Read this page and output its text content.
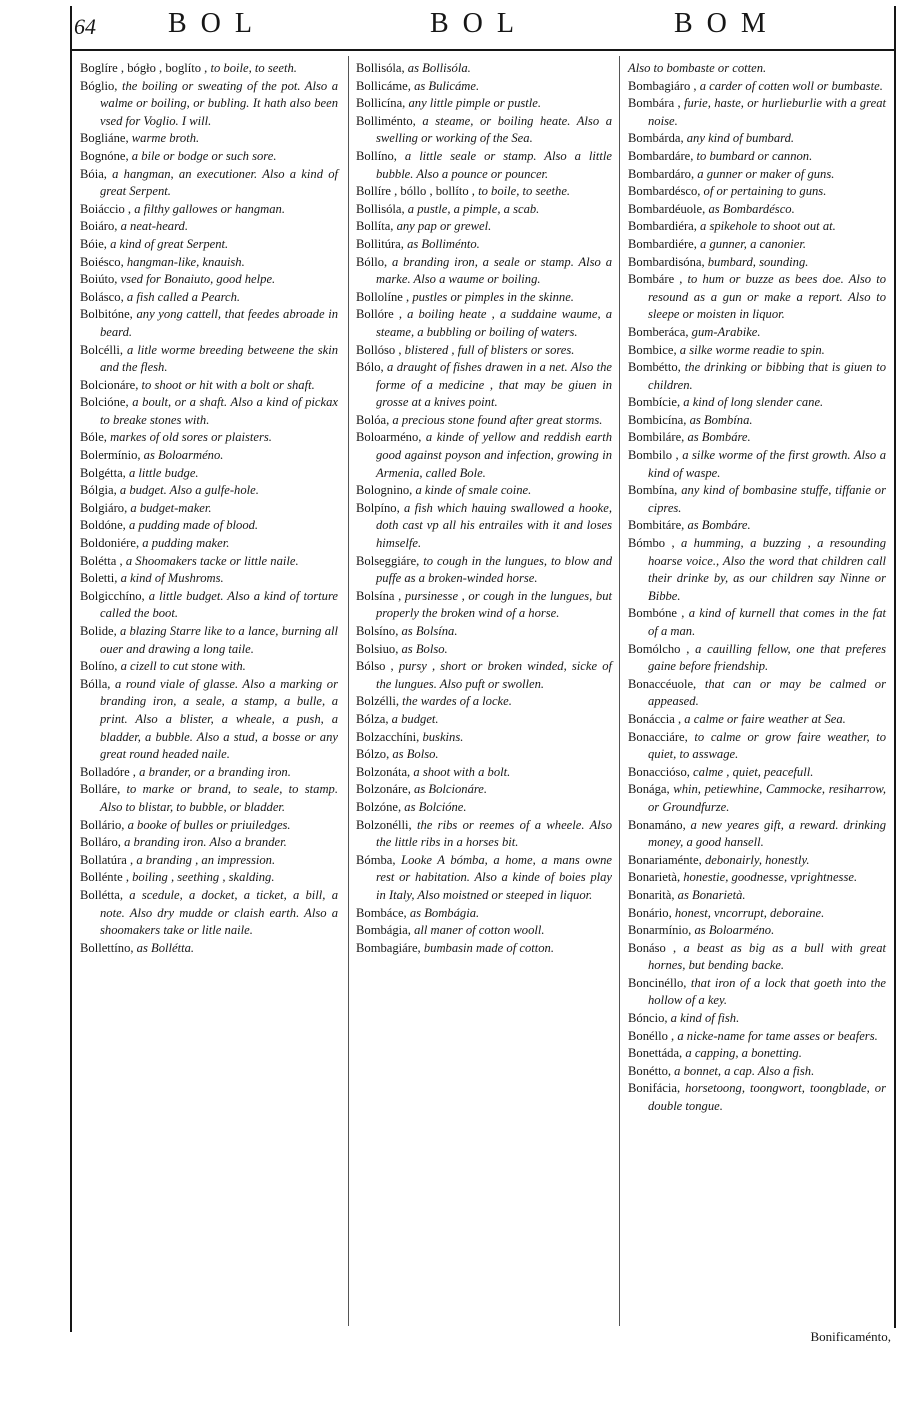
64	BOL	BOL	BOM

Boglíre , bógło , boglíto , to boile, to seeth.

Bóglio, the boiling or sweating of the pot. Also a walme or boiling, or bubling. It hath also been vsed for Voglio. I will.

Bogliáne, warme broth.

Bognóne, a bile or bodge or such sore.

Bóia, a hangman, an executioner. Also a kind of great Serpent.

Boiáccio , a filthy gallowes or hangman.

Boiáro, a neat-heard.

Bóie, a kind of great Serpent.

Boiésco, hangman-like, knauish.

Boiúto, vsed for Bonaiuto, good helpe.

Bolásco, a fish called a Pearch.

Bolbitóne, any yong cattell, that feedes abroade in beard.

Bolcélli, a litle worme breeding betweene the skin and the flesh.

Bolcionáre, to shoot or hit with a bolt or shaft.

Bolcióne, a boult, or a shaft. Also a kind of pickax to breake stones with.

Bóle, markes of old sores or plaisters.

Bolermínio, as Boloarméno.

Bolgétta, a little budge.

Bólgia, a budget. Also a gulfe-hole.

Bolgiáro, a budget-maker.

Boldóne, a pudding made of blood.

Boldoniére, a pudding maker.

Bolétta , a Shoomakers tacke or little naile.

Boletti, a kind of Mushroms.

Bolgicchíno, a little budget. Also a kind of torture called the boot.

Bolide, a blazing Starre like to a lance, burning all ouer and drawing a long taile.

Bolíno, a cizell to cut stone with.

Bólla, a round viale of glasse. Also a marking or branding iron, a seale, a stamp, a bulle, a print. Also a blister, a wheale, a push, a bladder, a bubble. Also a stud, a bosse or any great round headed naile.

Bolladóre , a brander, or a branding iron.

Bolláre, to marke or brand, to seale, to stamp. Also to blistar, to bubble, or bladder.

Bollário, a booke of bulles or priuiledges.

Bolláro, a branding iron. Also a brander.

Bollatúra , a branding , an impression.

Bollénte , boiling , seething , skalding.

Bollétta, a scedule, a docket, a ticket, a bill, a note. Also dry mudde or claish earth. Also a shoomakers take or litle naile.

Bollettíno, as Bollétta.

Bollisóla, as Bollisóla.

Bollicáme, as Bulicáme.

Bollicína, any little pimple or pustle.

Bolliménto, a steame, or boiling heate. Also a swelling or working of the Sea.

Bollíno, a little seale or stamp. Also a little bubble. Also a pounce or pouncer.

Bollíre , bóllo , bollíto , to boile, to seethe.

Bollisóla, a pustle, a pimple, a scab.

Bollíta, any pap or grewel.

Bollitúra, as Bolliménto.

Bóllo, a branding iron, a seale or stamp. Also a marke. Also a waume or boiling.

Bollolíne , pustles or pimples in the skinne.

Bollóre , a boiling heate , a suddaine waume, a steame, a bubbling or boiling of waters.

Bollóso , blistered , full of blisters or sores.

Bólo, a draught of fishes drawen in a net. Also the forme of a medicine , that may be giuen in grosse at a knives point.

Bolóa, a precious stone found after great storms.

Boloarméno, a kinde of yellow and reddish earth good against poyson and infection, growing in Armenia, called Bole.

Bolognino, a kinde of smale coine.

Bolpíno, a fish which hauing swallowed a hooke, doth cast vp all his entrailes with it and loses himselfe.

Bolseggiáre, to cough in the lungues, to blow and puffe as a broken-winded horse.

Bolsína , pursinesse , or cough in the lungues, but properly the broken wind of a horse.

Bolsíno, as Bolsína.

Bolsiuo, as Bolso.

Bólso , pursy , short or broken winded, sicke of the lungues. Also puft or swollen.

Bolzélli, the wardes of a locke.

Bólza, a budget.

Bolzacchíni, buskins.

Bólzo, as Bolso.

Bolzonáta, a shoot with a bolt.

Bolzonáre, as Bolcionáre.

Bolzóne, as Bolcióne.

Bolzonélli, the ribs or reemes of a wheele. Also the little ribs in a horses bit.

Bómba, Looke A bómba, a home, a mans owne rest or habitation. Also a kinde of boies play in Italy, Also moistned or steeped in liquor.

Bombáce, as Bombágia.

Bombágia, all maner of cotton wooll.

Bombagiáre, bumbasin made of cotton.

Also to bombaste or cotten.

Bombagiáro , a carder of cotten woll or bumbaste.

Bombára , furie, haste, or hurlieburlie with a great noise.

Bombárda, any kind of bumbard.

Bombardáre, to bumbard or cannon.

Bombardáro, a gunner or maker of guns.

Bombardésco, of or pertaining to guns.

Bombardéuole, as Bombardésco.

Bombardiéra, a spikehole to shoot out at.

Bombardiére, a gunner, a canonier.

Bombardisóna, bumbard, sounding.

Bombáre , to hum or buzze as bees doe. Also to resound as a gun or make a report. Also to sleepe or moisten in liquor.

Bomberáca, gum-Arabike.

Bombice, a silke worme readie to spin.

Bombétto, the drinking or bibbing that is giuen to children.

Bombície, a kind of long slender cane.

Bombicína, as Bombína.

Bombiláre, as Bombáre.

Bombilo , a silke worme of the first growth. Also a kind of waspe.

Bombína, any kind of bombasine stuffe, tiffanie or cipres.

Bombitáre, as Bombáre.

Bómbo , a humming, a buzzing , a resounding hoarse voice., Also the word that children call their drinke by, as our children say Ninne or Bibbe.

Bombóne , a kind of kurnell that comes in the fat of a man.

Bomólcho , a cauilling fellow, one that preferes gaine before friendship.

Bonaccéuole, that can or may be calmed or appeased.

Bonáccia , a calme or faire weather at Sea.

Bonacciáre, to calme or grow faire weather, to quiet, to asswage.

Bonaccióso, calme , quiet, peacefull.

Bonága, whin, petiewhine, Cammocke, resiharrow, or Groundfurze.

Bonamáno, a new yeares gift, a reward. drinking money, a good hansell.

Bonariaménte, debonairly, honestly.

Bonarietà, honestie, goodnesse, vprightnesse.

Bonarità, as Bonarietà.

Bonário, honest, vncorrupt, deboraine.

Bonarmínio, as Boloarméno.

Bonáso , a beast as big as a bull with great hornes, but bending backe.

Boncinéllo, that iron of a lock that goeth into the hollow of a key.

Bóncio, a kind of fish.

Bonéllo , a nicke-name for tame asses or beafers.

Bonettáda, a capping, a bonetting.

Bonétto, a bonnet, a cap. Also a fish.

Bonifácia, horsetoong, toongwort, toongblade, or double tongue.

Bonificaménto,
